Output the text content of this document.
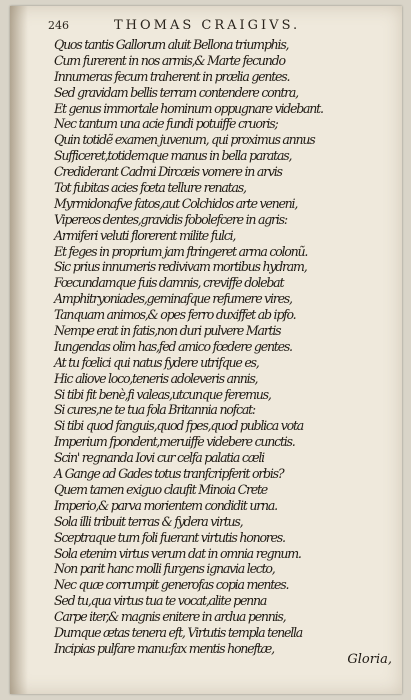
246	THOMAS CRAIGIVS.
Quos tantis Gallorum aluit Bellona triumphis,
Cum furerent in nos armis,& Marte fecundo
Innumeras fecum traherent in prælia gentes.
Sed gravidam bellis terram contendere contra,
Et genus immortale hominum oppugnare videbant.
Nec tantum una acie fundi potuiffe cruoris;
Quin totidẽ examen juvenum, qui proximus annus
Sufficeret,totidemque manus in bella paratas,
Crediderant Cadmi Dircæis vomere in arvis
Tot fubitas acies fœta tellure renatas,
Myrmidonafve fatos,aut Colchidos arte veneni,
Vipereos dentes,gravidis fobolefcere in agris:
Armiferi veluti florerent milite fulci,
Et feges in proprium jam ftringeret arma colonũ.
Sic prius innumeris redivivam mortibus hydram,
Fœcundamque fuis damnis, creviffe dolebat
Amphitryoniades,geminafque refumere vires,
Tanquam animos,& opes ferro duxiffet ab ipfo.
Nempe erat in fatis,non duri pulvere Martis
Iungendas olim has,fed amico fœdere gentes.
At tu fœlici qui natus fydere utrifque es,
Hic aliove loco,teneris adoleveris annis,
Si tibi fit benè,fi valeas,utcunque feremus,
Si cures,ne te tua fola Britannia nofcat:
Si tibi quod fanguis,quod fpes,quod publica vota
Imperium fpondent,meruiffe videbere cunctis.
Scin' regnanda Iovi cur celfa palatia cæli
A Gange ad Gades totus tranfcripferit orbis?
Quem tamen exiguo claufit Minoia Crete
Imperio,& parva morientem condidit urna.
Sola illi tribuit terras & fydera virtus,
Sceptraque tum foli fuerant virtutis honores.
Sola etenim virtus verum dat in omnia regnum.
Non parit hanc molli furgens ignavia lecto,
Nec quæ corrumpit generofas copia mentes.
Sed tu,qua virtus tua te vocat,alite penna
Carpe iter,& magnis enitere in ardua pennis,
Dumque ætas tenera eft, Virtutis templa tenella
Incipias pulfare manu:fax mentis honeftæ,
Gloria,
